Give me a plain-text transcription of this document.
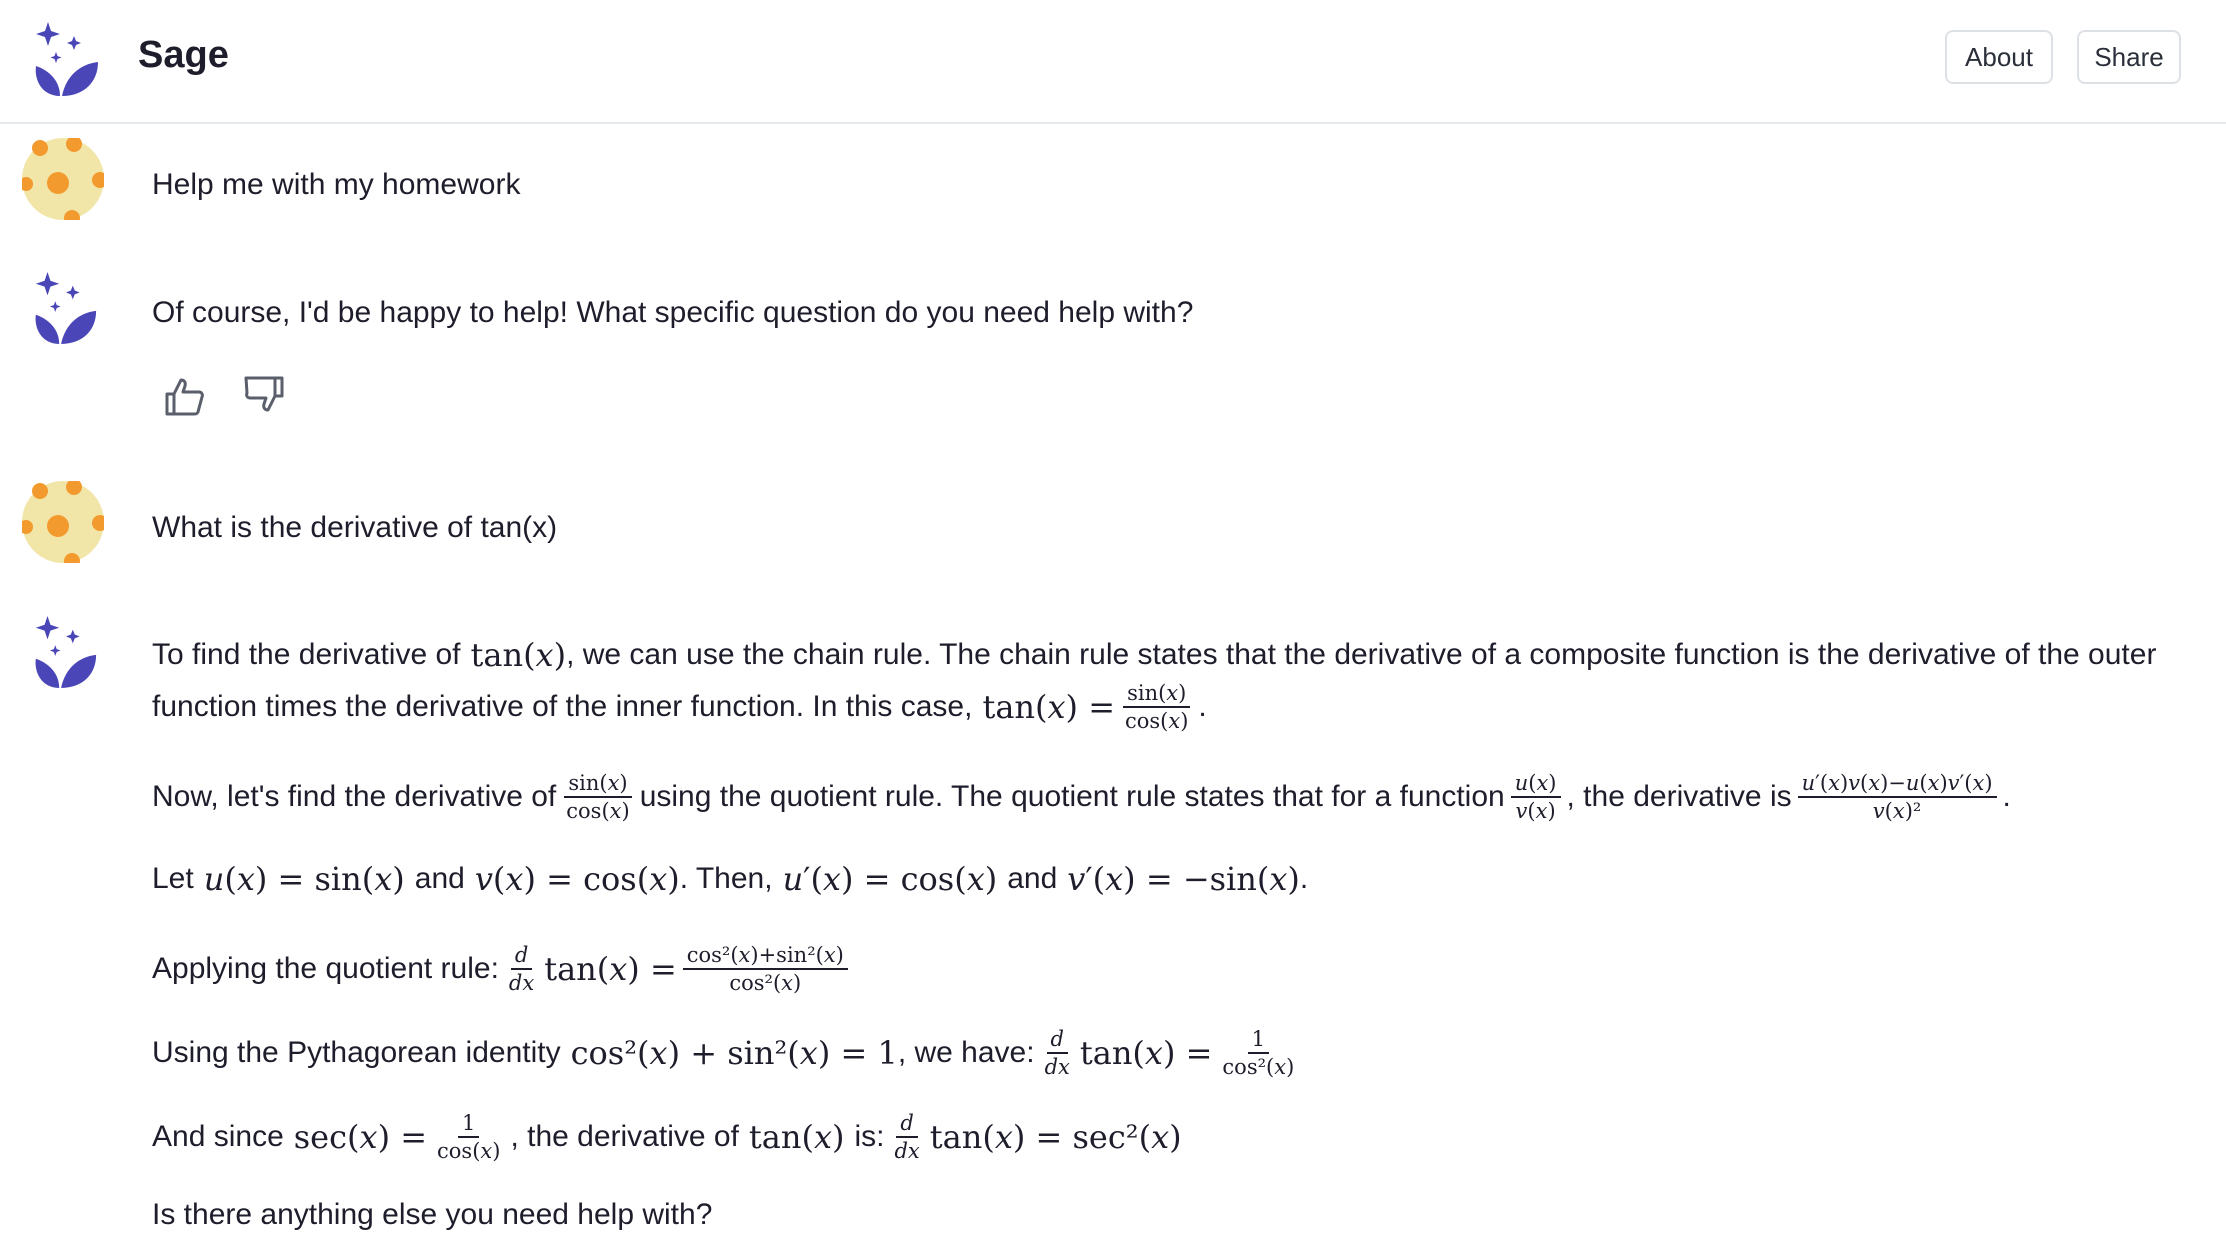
Sage	About	Share
Help me with my homework
Of course, I'd be happy to help! What specific question do you need help with?
What is the derivative of tan(x)
To find the derivative of tan(x) , we can use the chain rule. The chain rule states that the derivative of a composite function is the derivative of the outer
function times the derivative of the inner function. In this case, $\tan(x) = \frac{\sin(x)}{\cos(x)}$ .
Now, let's find the derivative of $\frac{\sin(x)}{\cos(x)}$ using the quotient rule. The quotient rule states that for a function $\frac{u(x)}{v(x)}$ , the derivative is $\frac{u'(x)v(x)-u(x)v'(x)}{\text{v(x)²}}$ .
Let u(x) = sin(x) and v(x) = cos(x) . Then, u′(x) = cos(x) and v′(x) = −sin(x) .
Applying the quotient rule: $\frac{d}{dx} \tan(x) = \frac{\text{cos²(x)+sin²(x)}}{\text{cos²(x)}}$
Using the Pythagorean identity cos²(x) + sin²(x) = 1 , we have: $\frac{d}{dx} \tan(x) = \frac{1}{\text{cos²(x)}}$
And since $\sec(x) = \frac{1}{\cos(x)}$ , the derivative of tan(x) is: $\frac{d}{dx} \tan(x) = \sec^2(x)$
Is there anything else you need help with?
